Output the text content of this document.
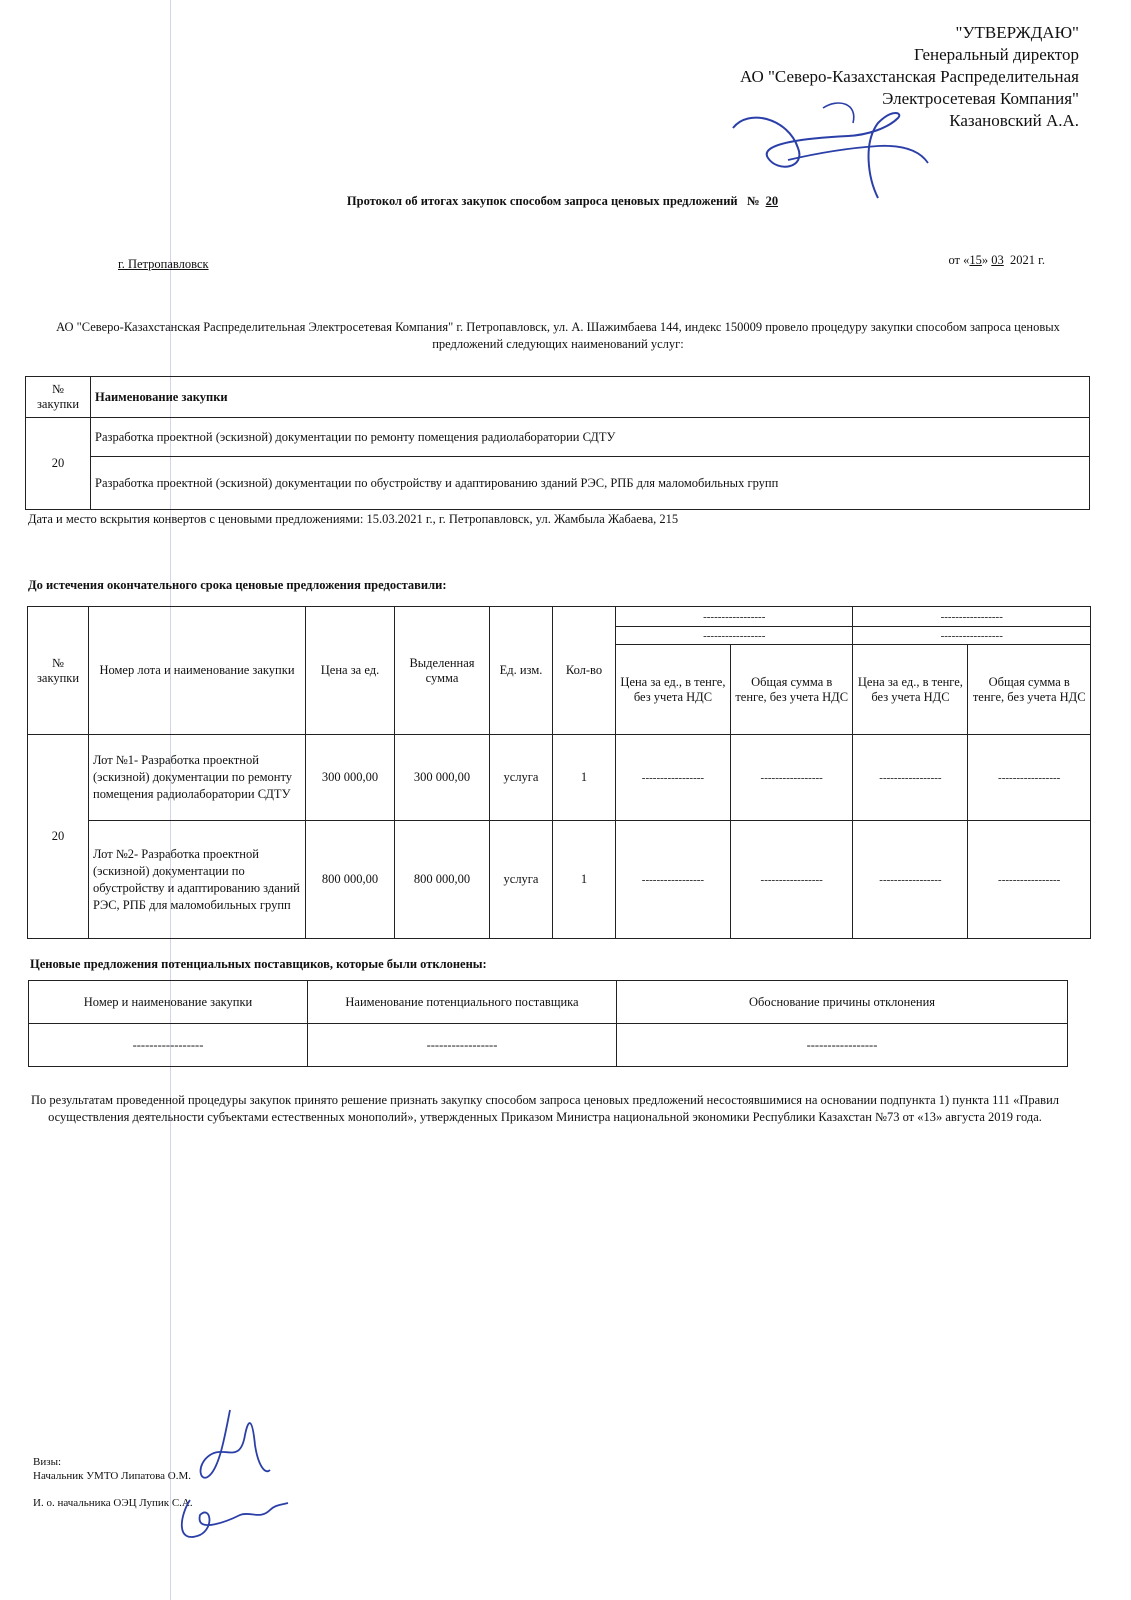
"УТВЕРЖДАЮ"
Генеральный директор
АО "Северо-Казахстанская Распределительная
Электросетевая Компания"
Казановский А.А.
Протокол об итогах закупок способом запроса ценовых предложений № 20
г. Петропавловск	от «15» 03 2021 г.
АО "Северо-Казахстанская Распределительная Электросетевая Компания" г. Петропавловск, ул. А. Шажимбаева 144, индекс 150009 провело процедуру закупки способом запроса ценовых предложений следующих наименований услуг:
№ закупки	Наименование закупки
20	Разработка проектной (эскизной) документации по ремонту помещения радиолаборатории СДТУ
	Разработка проектной (эскизной) документации по обустройству и адаптированию зданий РЭС, РПБ для маломобильных групп
Дата и место вскрытия конвертов с ценовыми предложениями: 15.03.2021 г., г. Петропавловск, ул. Жамбыла Жабаева, 215
До истечения окончательного срока ценовые предложения предоставили:
№ закупки	Номер лота и наименование закупки	Цена за ед.	Выделенная сумма	Ед. изм.	Кол-во	-----------------		-----------------	
						-----------------		-----------------	
						Цена за ед., в тенге, без учета НДС	Общая сумма в тенге, без учета НДС	Цена за ед., в тенге, без учета НДС	Общая сумма в тенге, без учета НДС
20	Лот №1- Разработка проектной (эскизной) документации по ремонту помещения радиолаборатории СДТУ	300 000,00	300 000,00	услуга	1	-----------------	-----------------	-----------------	-----------------
	Лот №2- Разработка проектной (эскизной) документации по обустройству и адаптированию зданий РЭС, РПБ для маломобильных групп	800 000,00	800 000,00	услуга	1	-----------------	-----------------	-----------------	-----------------
Ценовые предложения потенциальных поставщиков, которые были отклонены:
Номер и наименование закупки	Наименование потенциального поставщика	Обоснование причины отклонения
-----------------	-----------------	-----------------
По результатам проведенной процедуры закупок принято решение признать закупку способом запроса ценовых предложений несостоявшимися на основании подпункта 1) пункта 111 «Правил осуществления деятельности субъектами естественных монополий», утвержденных Приказом Министра национальной экономики Республики Казахстан №73 от «13» августа 2019 года.
Визы:
Начальник УМТО Липатова О.М.
И. о. начальника ОЭЦ Лупик С.А.
